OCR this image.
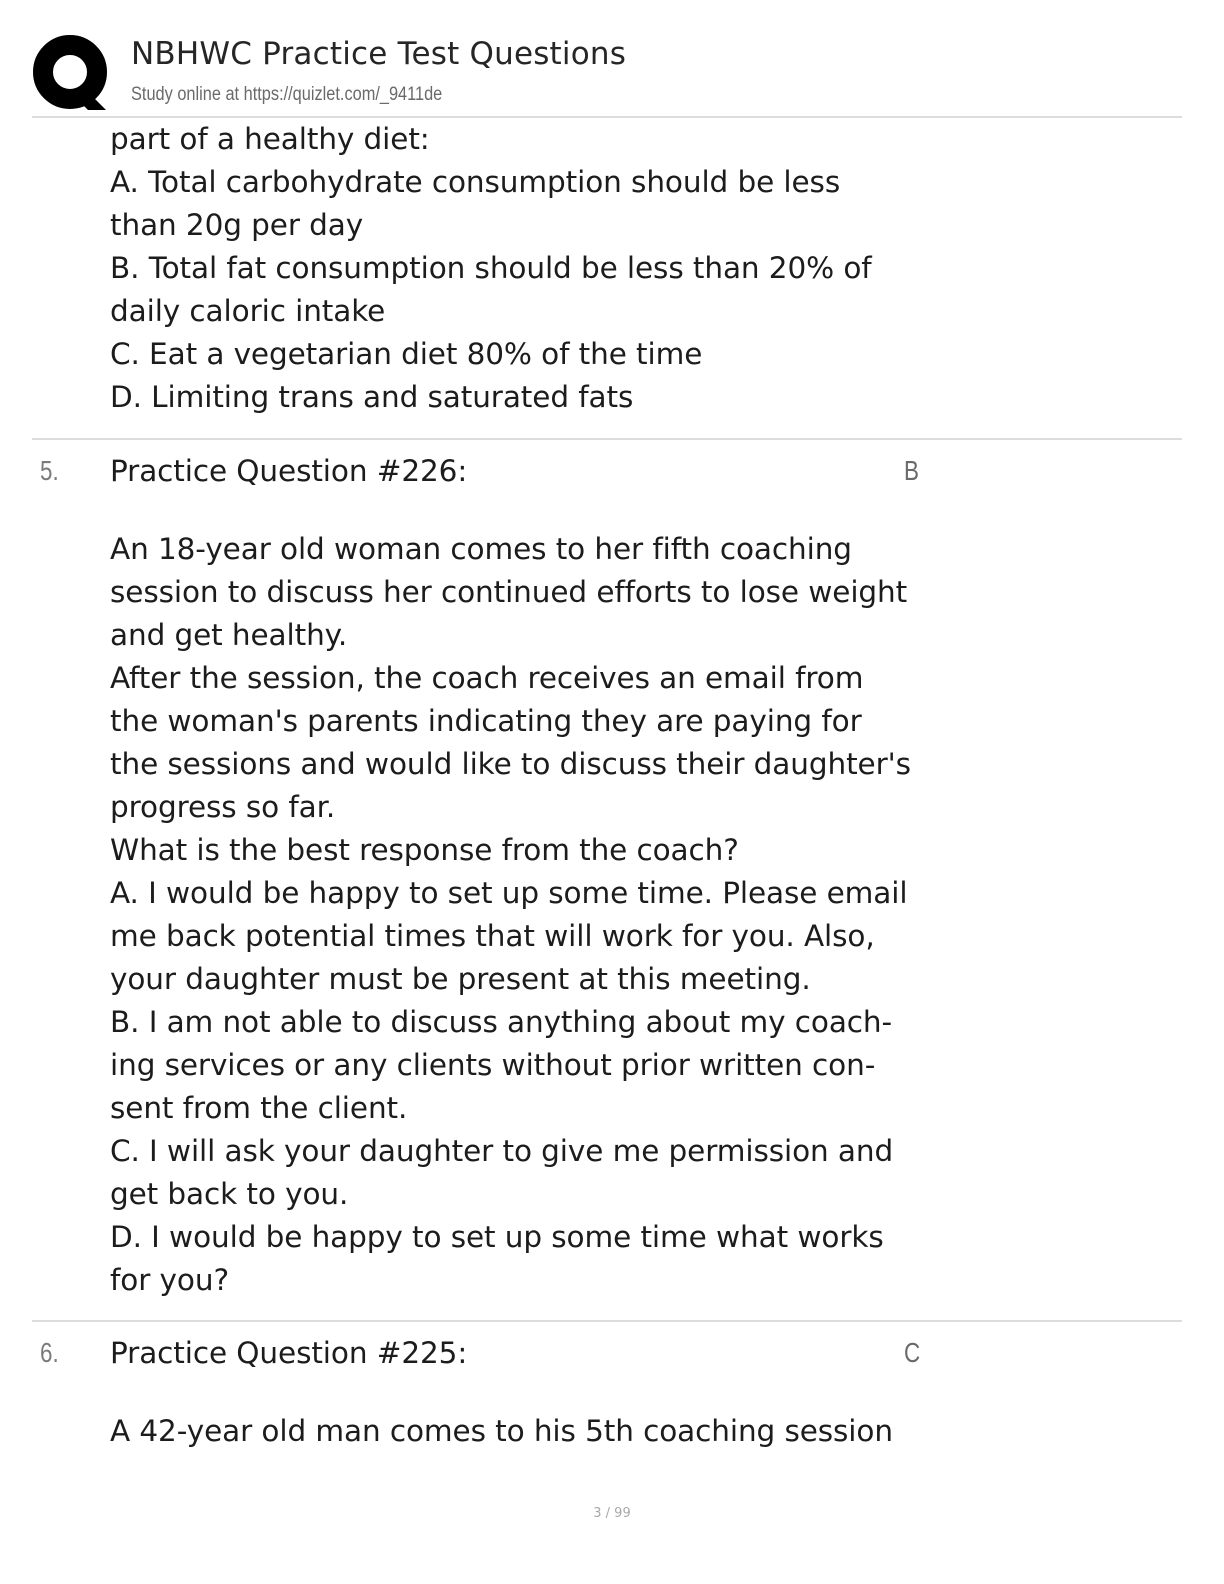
NBHWC Practice Test Questions
Study online at https://quizlet.com/_9411de
part of a healthy diet:
A. Total carbohydrate consumption should be less
than 20g per day
B. Total fat consumption should be less than 20% of
daily caloric intake
C. Eat a vegetarian diet 80% of the time
D. Limiting trans and saturated fats
5.	B
Practice Question #226:
An 18-year old woman comes to her fifth coaching
session to discuss her continued efforts to lose weight
and get healthy.
After the session, the coach receives an email from
the woman's parents indicating they are paying for
the sessions and would like to discuss their daughter's
progress so far.
What is the best response from the coach?
A. I would be happy to set up some time. Please email
me back potential times that will work for you. Also,
your daughter must be present at this meeting.
B. I am not able to discuss anything about my coach-
ing services or any clients without prior written con-
sent from the client.
C. I will ask your daughter to give me permission and
get back to you.
D. I would be happy to set up some time what works
for you?
6.	C
Practice Question #225:
A 42-year old man comes to his 5th coaching session
3 / 99
